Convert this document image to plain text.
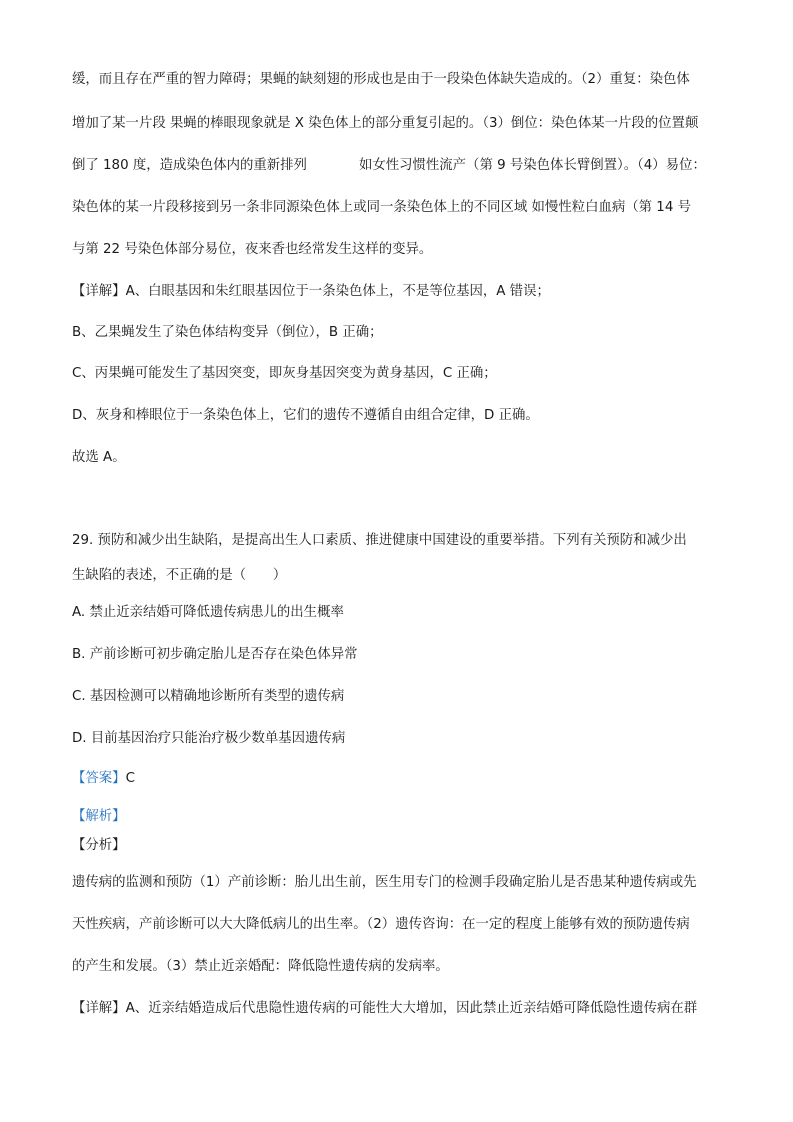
缓，而且存在严重的智力障碍；果蝇的缺刻翅的形成也是由于一段染色体缺失造成的。（2）重复：染色体

增加了某一片段 果蝇的棒眼现象就是 X 染色体上的部分重复引起的。（3）倒位：染色体某一片段的位置颠

倒了 180 度，造成染色体内的重新排列	如女性习惯性流产（第 9 号染色体长臂倒置）。（4）易位：

染色体的某一片段移接到另一条非同源染色体上或同一条染色体上的不同区域 如慢性粒白血病（第 14 号

与第 22 号染色体部分易位，夜来香也经常发生这样的变异。

【详解】A、白眼基因和朱红眼基因位于一条染色体上，不是等位基因，A 错误；

B、乙果蝇发生了染色体结构变异（倒位），B 正确；

C、丙果蝇可能发生了基因突变，即灰身基因突变为黄身基因，C 正确；

D、灰身和棒眼位于一条染色体上，它们的遗传不遵循自由组合定律，D 正确。

故选 A。

29. 预防和减少出生缺陷，是提高出生人口素质、推进健康中国建设的重要举措。下列有关预防和减少出

生缺陷的表述，不正确的是（　　）

A. 禁止近亲结婚可降低遗传病患儿的出生概率

B. 产前诊断可初步确定胎儿是否存在染色体异常

C. 基因检测可以精确地诊断所有类型的遗传病

D. 目前基因治疗只能治疗极少数单基因遗传病

【答案】C

【解析】

【分析】

遗传病的监测和预防（1）产前诊断：胎儿出生前，医生用专门的检测手段确定胎儿是否患某种遗传病或先

天性疾病，产前诊断可以大大降低病儿的出生率。（2）遗传咨询：在一定的程度上能够有效的预防遗传病

的产生和发展。（3）禁止近亲婚配：降低隐性遗传病的发病率。

【详解】A、近亲结婚造成后代患隐性遗传病的可能性大大增加，因此禁止近亲结婚可降低隐性遗传病在群
